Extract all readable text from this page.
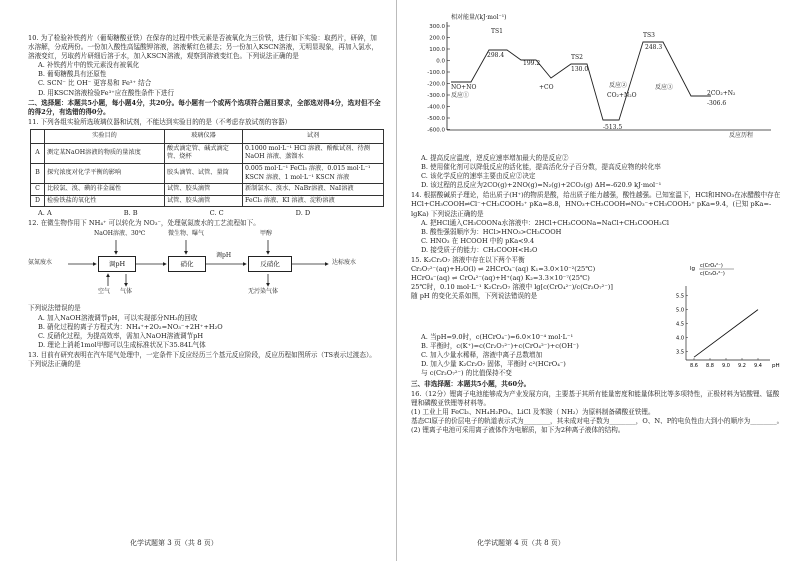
10. 为了检验补铁药片（葡萄糖酸亚铁）在保存的过程中铁元素是否被氧化为三价铁，进行如下实验：取药片，研碎，加水溶解，分成两份。一份加入酸性高锰酸钾溶液，溶液紫红色褪去；另一份加入KSCN溶液，无明显现象，再加入氯水，溶液变红，另取药片研细后溶于水，加入KSCN溶液，观察到溶液变红色。下列说法正确的是
A. 补铁药片中的铁元素没有被氧化
B. 葡萄糖酸具有还原性
C. SCN⁻ 比 OH⁻ 更容易和 Fe³⁺ 结合
D. 用KSCN溶液检验Fe³⁺应在酸性条件下进行
二、选择题：本题共5小题，每小题4分，共20分。每小题有一个或两个选项符合题目要求，全部选对得4分，选对但不全的得2分，有选错的得0分。
11. 下列各组实验所选玻璃仪器和试剂，不能达到实验目的的是（不考虑存放试剂的容器）
	实验目的	玻璃仪器	试剂
A	测定某NaOH溶液的物质的量浓度	酸式滴定管、碱式滴定管、烧杯	0.1000 mol·L⁻¹ HCl 溶液、酚酞试剂、待测 NaOH 溶液、蒸馏水
B	探究浓度对化学平衡的影响	胶头滴管、试管、量筒	0.005 mol·L⁻¹ FeCl₃ 溶液、0.015 mol·L⁻¹ KSCN 溶液、1 mol·L⁻¹ KSCN 溶液
C	比较氯、溴、碘的非金属性	试管、胶头滴管	新制氯水、溴水、NaBr溶液、NaI溶液
D	检验铁盐的氧化性	试管、胶头滴管	FeCl₃ 溶液、KI 溶液、淀粉溶液
A. A	B. B	C. C	D. D
12. 在微生物作用下 NH₄⁺ 可以转化为 NO₃⁻，处理氨氮废水的工艺流程如下。
NaOH溶液、30℃	微生物、曝气	甲醇
氨氮废水	调pH	硝化
调pH
反硝化	达标废水
空气 气体	无污染气体
下列说法错误的是
A. 加入NaOH溶液调节pH，可以实现部分NH₃的回收
B. 硝化过程的离子方程式为：NH₄⁺+2O₂=NO₃⁻+2H⁺+H₂O
C. 反硝化过程，为提高效率，需加入NaOH溶液调节pH
D. 理论上消耗1mol甲醇可以生成标准状况下35.84L气体
13. 目前有研究表明在汽车尾气处理中，一定条件下反应经历三个基元反应阶段，反应历程如图所示（TS表示过渡态）。下列说法正确的是
化学试题第 3 页（共 8 页）
300.0
200.0
100.0
0.0
-100.0
-200.0
-300.0
-400.0
-500.0
-600.0
相对能量/(kJ·mol⁻¹)
TS1
298.4
199.2
TS2
130.0
TS3
248.3
NO+NO
反应①
+CO	反应②
CO₂+N₂O
-513.5
反应③
2CO₂+N₂
-306.6
反应历程
A. 提高反应温度，逆反应速率增加最大的是反应②
B. 使用催化剂可以降低反应的活化能，提高活化分子百分数，提高反应物的转化率
C. 该化学反应的速率主要由反应②决定
D. 该过程的总反应为2CO(g)+2NO(g)=N₂(g)+2CO₂(g) ΔH=-620.9 kJ·mol⁻¹
14. 根据酸碱质子理论，给出质子(H⁺)的物质是酸，给出质子能力越强，酸性越强。已知室温下，HCl和HNO₃在冰醋酸中存在HCl+CH₃COOH⇌Cl⁻+CH₃COOH₂⁺ pKa=8.8，HNO₃+CH₃COOH⇌NO₃⁻+CH₃COOH₂⁺ pKa=9.4，(已知 pKa=-lgKa) 下列说法正确的是
A. 把HCl通入CH₃COONa水溶液中：2HCl+CH₃COONa=NaCl+CH₃COOH₂Cl
B. 酸性强弱顺序为：HCl>HNO₃>CH₃COOH
C. HNO₃ 在 HCOOH 中的 pKa<9.4
D. 接受质子的能力：CH₃COOH<H₂O
15. K₂Cr₂O₇ 溶液中存在以下两个平衡
Cr₂O₇²⁻(aq)+H₂O(l) ⇌ 2HCrO₄⁻(aq) K₁=3.0×10⁻²(25℃)
HCrO₄⁻(aq) ⇌ CrO₄²⁻(aq)+H⁺(aq) K₂=3.3×10⁻⁷(25℃)
25℃时，0.10 mol·L⁻¹ K₂Cr₂O₇ 溶液中 lg[c(CrO₄²⁻)/c(Cr₂O₇²⁻)]
随 pH 的变化关系如图，下列说法错误的是
8.6 8.8 9.0 9.2 9.4
3.5
4.0
4.5
5.0
5.5
pH
lg c(CrO₄²⁻)
c(Cr₂O₇²⁻)
A. 当pH=9.0时，c(HCrO₄⁻)=6.0×10⁻⁴ mol·L⁻¹
B. 平衡时，c(K⁺)=c(Cr₂O₇²⁻)+c(CrO₄²⁻)+c(OH⁻)
C. 加入少量水稀释，溶液中离子总数增加
D. 加入少量 K₂Cr₂O₇ 固体，平衡时 c²(HCrO₄⁻)
与 c(Cr₂O₇²⁻) 的比值保持不变
三、非选择题：本题共5小题，共60分。
16.（12分）锂离子电池能够成为产业发展方向，主要基于其所有能量密度和能量体积比等多项特性，正极材料为钴酸锂、锰酸锂和磷酸亚铁锂等材料等。
(1) 工业上用 FeCl₃、NH₄H₂PO₄、LiCl 及苯胺（ NH₂）为原料制备磷酸亚铁锂。
基态Cl原子的价层电子的轨道表示式为________，其未成对电子数为________，O、N、P的电负性由大到小的顺序为________。
(2) 锂离子电池可采用离子液体作为电解质，如下为2种离子液体的结构。
化学试题第 4 页（共 8 页）
